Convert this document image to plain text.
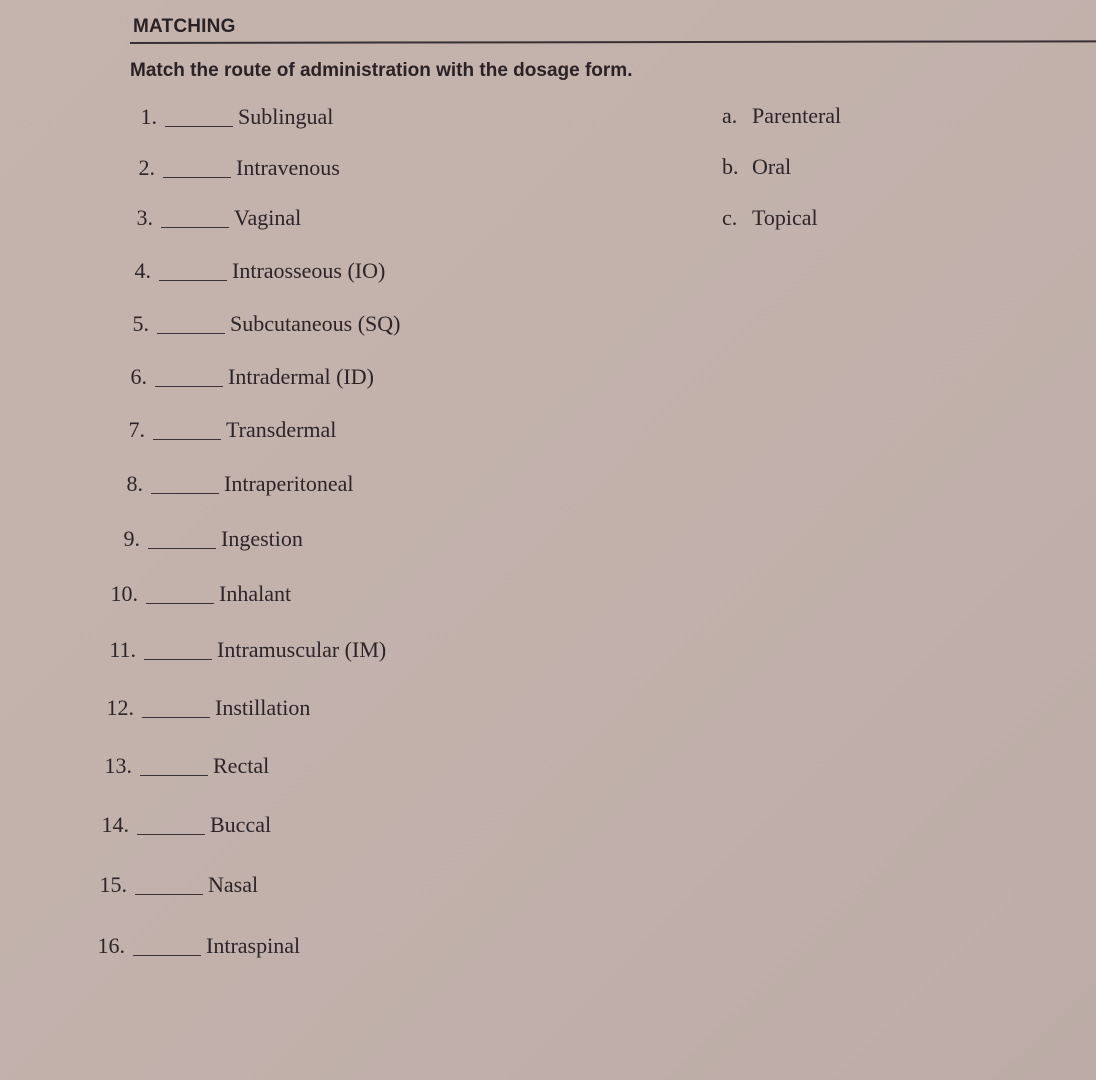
MATCHING
Match the route of administration with the dosage form.
1.	Sublingual
2.	Intravenous
3.	Vaginal
4.	Intraosseous (IO)
5.	Subcutaneous (SQ)
6.	Intradermal (ID)
7.	Transdermal
8.	Intraperitoneal
9.	Ingestion
10.	Inhalant
11.	Intramuscular (IM)
12.	Instillation
13.	Rectal
14.	Buccal
15.	Nasal
16.	Intraspinal
a. Parenteral
b. Oral
c. Topical
